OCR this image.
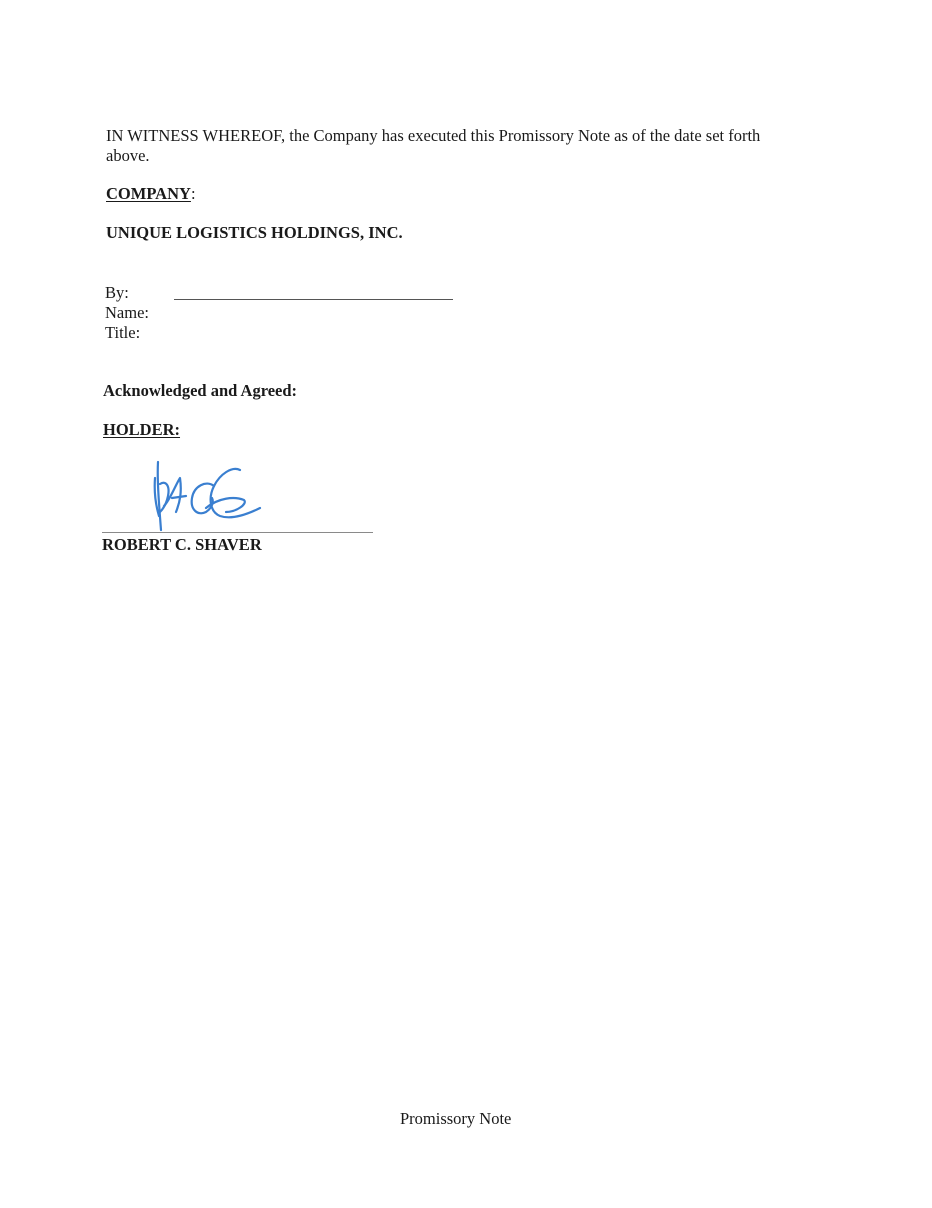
IN WITNESS WHEREOF, the Company has executed this Promissory Note as of the date set forth
above.
COMPANY:
UNIQUE LOGISTICS HOLDINGS, INC.
By:
Name:
Title:
Acknowledged and Agreed:
HOLDER:
ROBERT C. SHAVER
Promissory Note
